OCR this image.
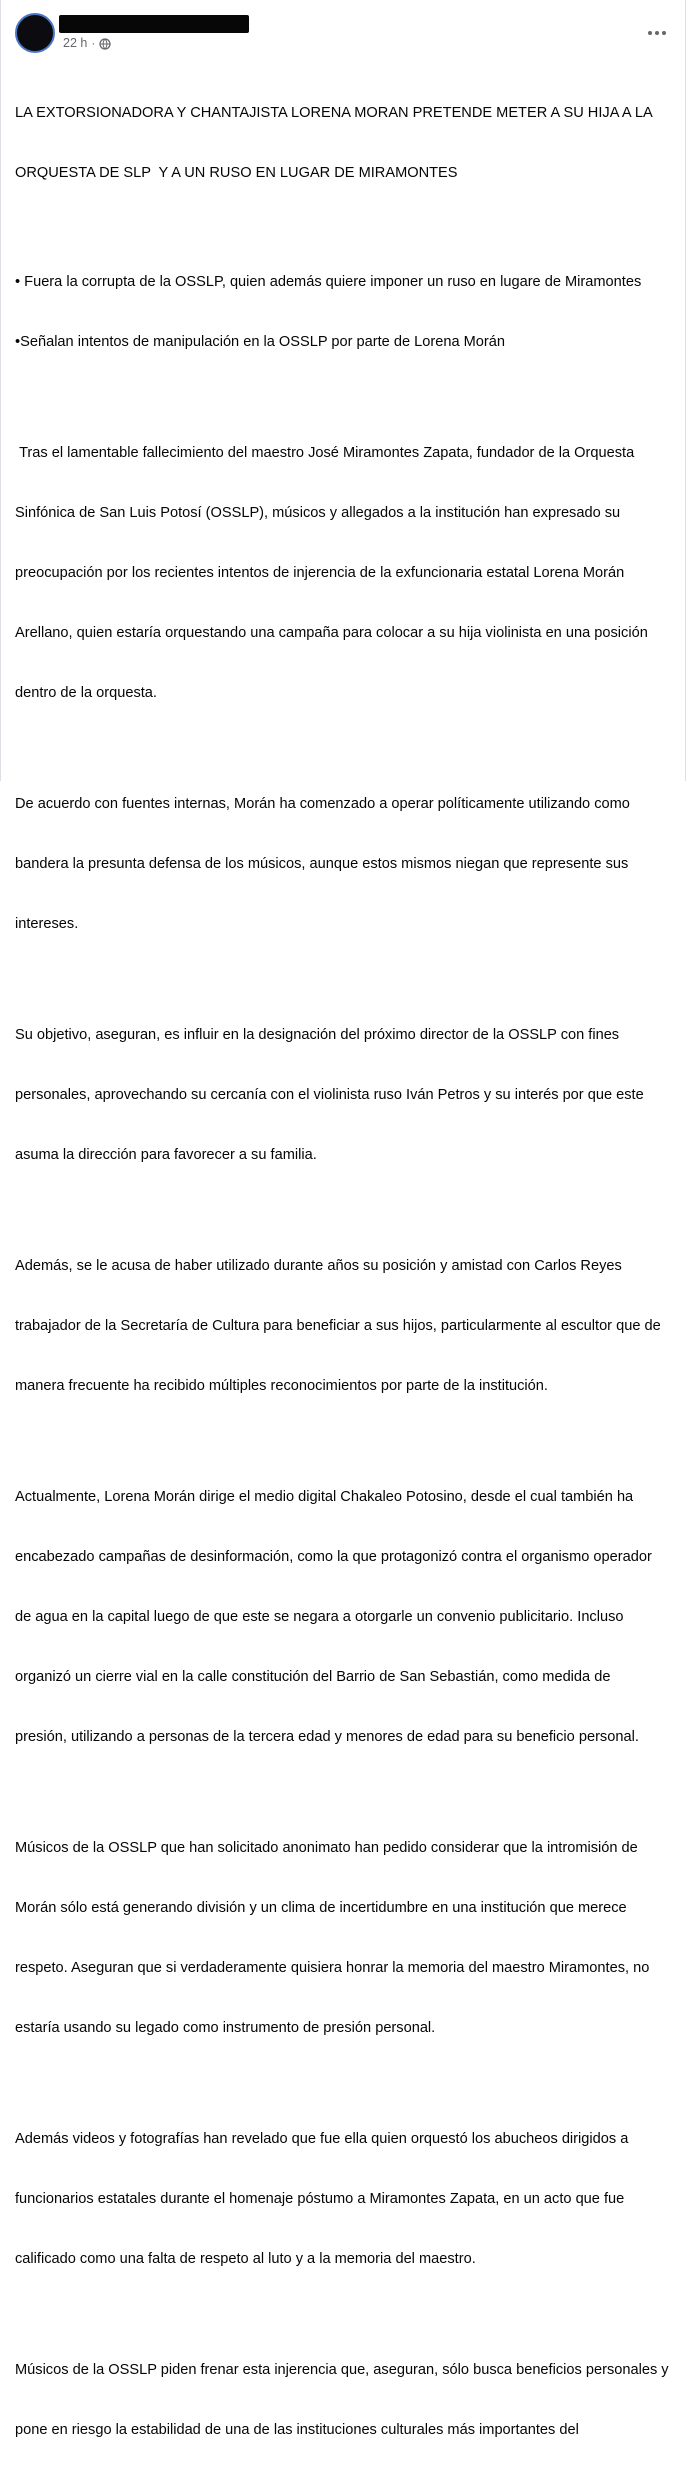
22 h ·

LA EXTORSIONADORA Y CHANTAJISTA LORENA MORAN PRETENDE METER A SU HIJA A LA

ORQUESTA DE SLP  Y A UN RUSO EN LUGAR DE MIRAMONTES

• Fuera la corrupta de la OSSLP, quien además quiere imponer un ruso en lugare de Miramontes

•Señalan intentos de manipulación en la OSSLP por parte de Lorena Morán

Tras el lamentable fallecimiento del maestro José Miramontes Zapata, fundador de la Orquesta

Sinfónica de San Luis Potosí (OSSLP), músicos y allegados a la institución han expresado su

preocupación por los recientes intentos de injerencia de la exfuncionaria estatal Lorena Morán

Arellano, quien estaría orquestando una campaña para colocar a su hija violinista en una posición

dentro de la orquesta.

De acuerdo con fuentes internas, Morán ha comenzado a operar políticamente utilizando como

bandera la presunta defensa de los músicos, aunque estos mismos niegan que represente sus

intereses.

Su objetivo, aseguran, es influir en la designación del próximo director de la OSSLP con fines

personales, aprovechando su cercanía con el violinista ruso Iván Petros y su interés por que este

asuma la dirección para favorecer a su familia.

Además, se le acusa de haber utilizado durante años su posición y amistad con Carlos Reyes

trabajador de la Secretaría de Cultura para beneficiar a sus hijos, particularmente al escultor que de

manera frecuente ha recibido múltiples reconocimientos por parte de la institución.

Actualmente, Lorena Morán dirige el medio digital Chakaleo Potosino, desde el cual también ha

encabezado campañas de desinformación, como la que protagonizó contra el organismo operador

de agua en la capital luego de que este se negara a otorgarle un convenio publicitario. Incluso

organizó un cierre vial en la calle constitución del Barrio de San Sebastián, como medida de

presión, utilizando a personas de la tercera edad y menores de edad para su beneficio personal.

Músicos de la OSSLP que han solicitado anonimato han pedido considerar que la intromisión de

Morán sólo está generando división y un clima de incertidumbre en una institución que merece

respeto. Aseguran que si verdaderamente quisiera honrar la memoria del maestro Miramontes, no

estaría usando su legado como instrumento de presión personal.

Además videos y fotografías han revelado que fue ella quien orquestó los abucheos dirigidos a

funcionarios estatales durante el homenaje póstumo a Miramontes Zapata, en un acto que fue

calificado como una falta de respeto al luto y a la memoria del maestro.

Músicos de la OSSLP piden frenar esta injerencia que, aseguran, sólo busca beneficios personales y

pone en riesgo la estabilidad de una de las instituciones culturales más importantes del
